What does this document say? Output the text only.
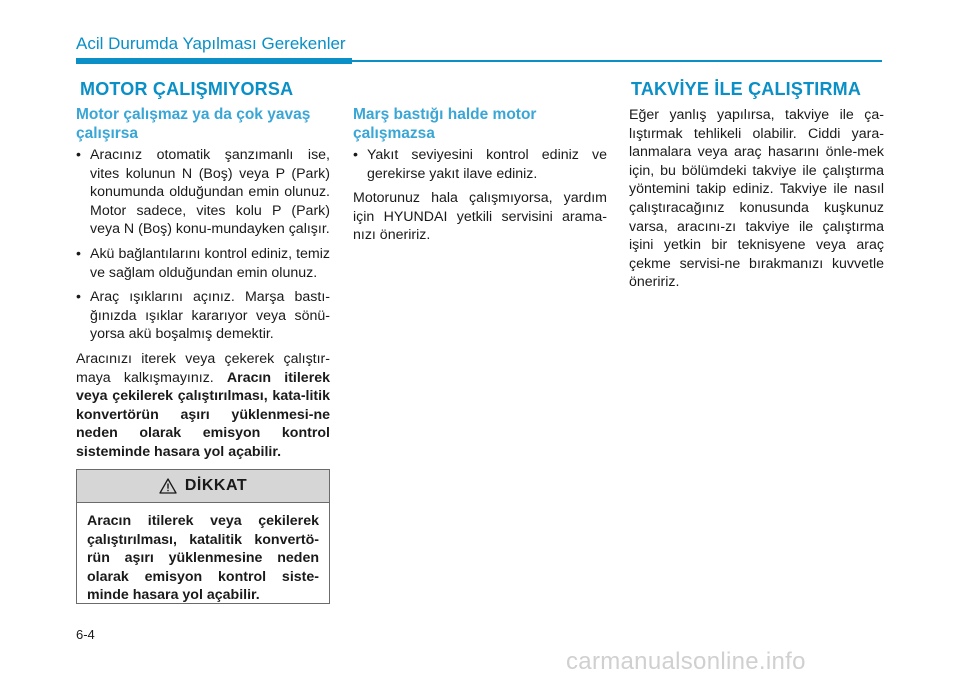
Acil Durumda Yapılması Gerekenler
MOTOR ÇALIŞMIYORSA
Motor çalışmaz ya da çok yavaş çalışırsa
• Aracınız otomatik şanzımanlı ise, vites kolunun N (Boş) veya P (Park) konumunda olduğundan emin olunuz. Motor sadece, vites kolu P (Park) veya N (Boş) konu-mundayken çalışır.
• Akü bağlantılarını kontrol ediniz, temiz ve sağlam olduğundan emin olunuz.
• Araç ışıklarını açınız. Marşa bastı-ğınızda ışıklar kararıyor veya sönü-yorsa akü boşalmış demektir.

Aracınızı iterek veya çekerek çalıştır-maya kalkışmayınız. Aracın itilerek veya çekilerek çalıştırılması, kata-litik konvertörün aşırı yüklenmesi-ne neden olarak emisyon kontrol sisteminde hasara yol açabilir.

DİKKAT
Aracın itilerek veya çekilerek çalıştırılması, katalitik konvertö-rün aşırı yüklenmesine neden olarak emisyon kontrol siste-minde hasara yol açabilir.
Marş bastığı halde motor çalışmazsa
• Yakıt seviyesini kontrol ediniz ve gerekirse yakıt ilave ediniz.

Motorunuz hala çalışmıyorsa, yardım için HYUNDAI yetkili servisini arama-nızı öneririz.

TAKVİYE İLE ÇALIŞTIRMA

Eğer yanlış yapılırsa, takviye ile ça-lıştırmak tehlikeli olabilir. Ciddi yara-lanmalara veya araç hasarını önle-mek için, bu bölümdeki takviye ile çalıştırma yöntemini takip ediniz. Takviye ile nasıl çalıştıracağınız konusunda kuşkunuz varsa, aracını-zı takviye ile çalıştırma işini yetkin bir teknisyene veya araç çekme servisi-ne bırakmanızı kuvvetle öneririz.

6-4
carmanualsonline.info
